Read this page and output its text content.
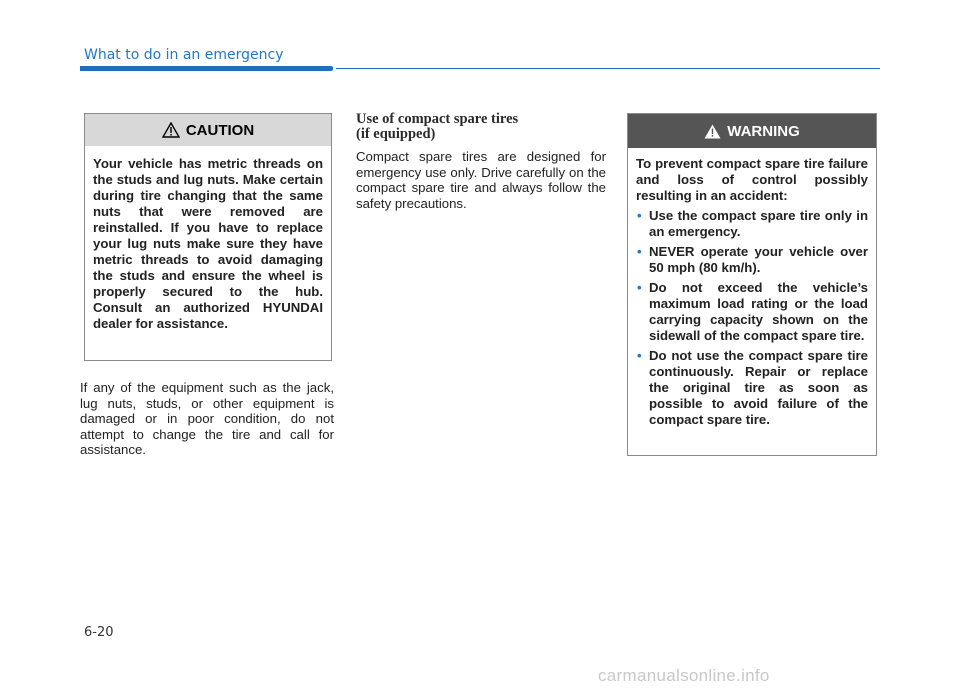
What to do in an emergency
CAUTION
Your vehicle has metric threads on the studs and lug nuts. Make certain during tire changing that the same nuts that were removed are reinstalled. If you have to replace your lug nuts make sure they have metric threads to avoid damaging the studs and ensure the wheel is properly secured to the hub. Consult an authorized HYUNDAI dealer for assistance.
If any of the equipment such as the jack, lug nuts, studs, or other equipment is damaged or in poor condition, do not attempt to change the tire and call for assistance.
Use of compact spare tires
(if equipped)
Compact spare tires are designed for emergency use only. Drive carefully on the compact spare tire and always follow the safety precautions.
WARNING
To prevent compact spare tire failure and loss of control possibly resulting in an accident:
• Use the compact spare tire only in an emergency.
• NEVER operate your vehicle over 50 mph (80 km/h).
• Do not exceed the vehicle’s maximum load rating or the load carrying capacity shown on the sidewall of the compact spare tire.
• Do not use the compact spare tire continuously. Repair or replace the original tire as soon as possible to avoid failure of the compact spare tire.
6-20
carmanualsonline.info
